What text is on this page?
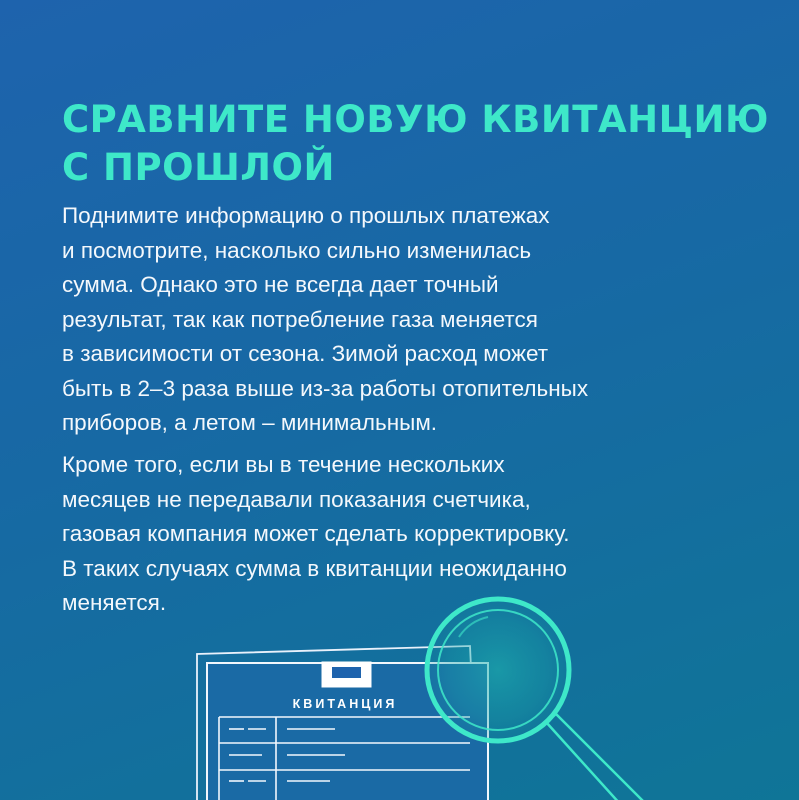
СРАВНИТЕ НОВУЮ КВИТАНЦИЮ
С ПРОШЛОЙ

Поднимите информацию о прошлых платежах
и посмотрите, насколько сильно изменилась
сумма. Однако это не всегда дает точный
результат, так как потребление газа меняется
в зависимости от сезона. Зимой расход может
быть в 2–3 раза выше из-за работы отопительных
приборов, а летом – минимальным.

Кроме того, если вы в течение нескольких
месяцев не передавали показания счетчика,
газовая компания может сделать корректировку.
В таких случаях сумма в квитанции неожиданно
меняется.

КВИТАНЦИЯ
